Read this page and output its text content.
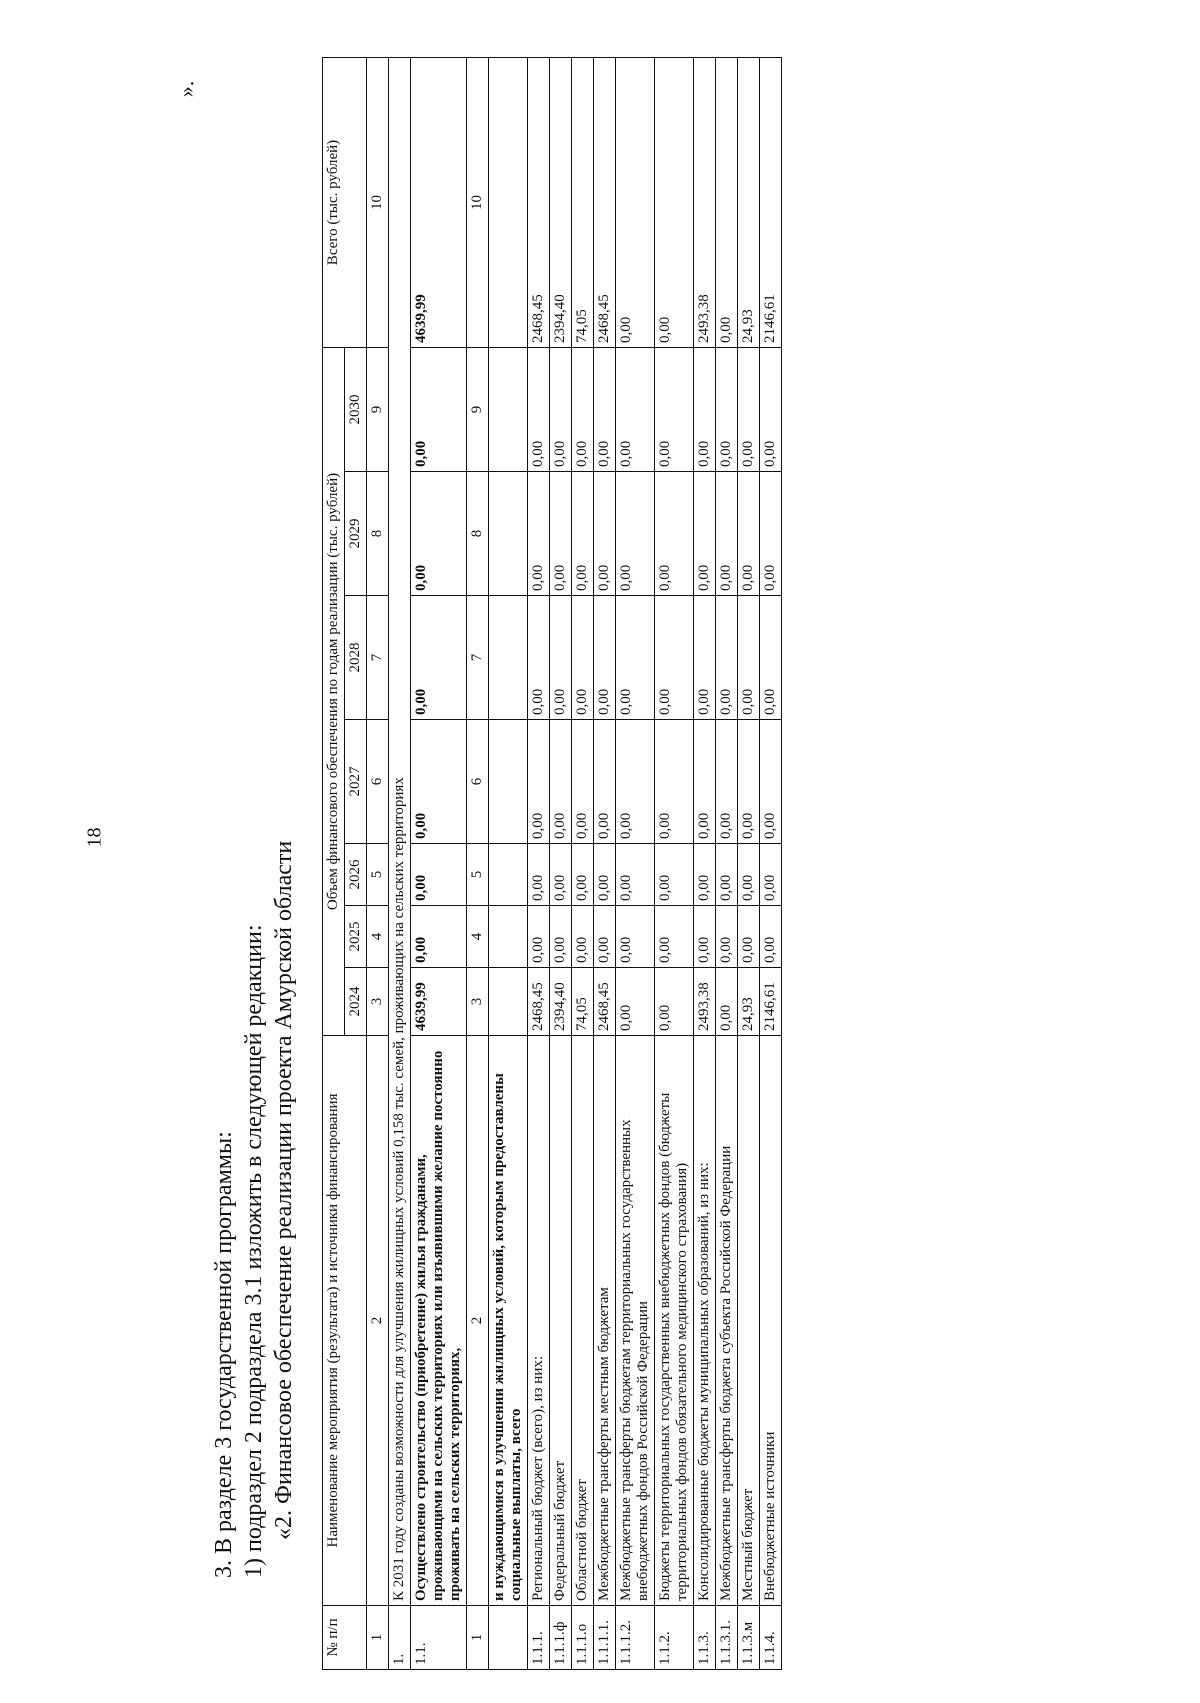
18
».
3. В разделе 3 государственной программы: 1) подраздел 2 подраздела 3.1 изложить в следующей редакции: «2. Финансовое обеспечение реализации проекта Амурской области
№ п/п	Наименование мероприятия (результата) и источники финансирования	Объем финансового обеспечения по годам реализации (тыс. рублей)							Всего (тыс. рублей)
		2024	2025	2026	2027	2028	2029	2030	
1	2	3	4	5	6	7	8	9	10
1.	К 2031 году созданы возможности для улучшения жилищных условий 0,158 тыс. семей, проживающих на сельских территориях								
1.1.	Осуществлено строительство (приобретение) жилья гражданами, проживающими на сельских территориях или изъявившими желание постоянно проживать на сельских территориях,	4639,99	0,00	0,00	0,00	0,00	0,00	0,00	4639,99
1	2	3	4	5	6	7	8	9	10
	и нуждающимися в улучшении жилищных условий, которым предоставлены социальные выплаты, всего								
1.1.1.	Региональный бюджет (всего), из них:	2468,45	0,00	0,00	0,00	0,00	0,00	0,00	2468,45
1.1.1.ф	Федеральный бюджет	2394,40	0,00	0,00	0,00	0,00	0,00	0,00	2394,40
1.1.1.о	Областной бюджет	74,05	0,00	0,00	0,00	0,00	0,00	0,00	74,05
1.1.1.1.	Межбюджетные трансферты местным бюджетам	2468,45	0,00	0,00	0,00	0,00	0,00	0,00	2468,45
1.1.1.2.	Межбюджетные трансферты бюджетам территориальных государственных внебюджетных фондов Российской Федерации	0,00	0,00	0,00	0,00	0,00	0,00	0,00	0,00
1.1.2.	Бюджеты территориальных государственных внебюджетных фондов (бюджеты территориальных фондов обязательного медицинского страхования)	0,00	0,00	0,00	0,00	0,00	0,00	0,00	0,00
1.1.3.	Консолидированные бюджеты муниципальных образований, из них:	2493,38	0,00	0,00	0,00	0,00	0,00	0,00	2493,38
1.1.3.1.	Межбюджетные трансферты бюджета субъекта Российской Федерации	0,00	0,00	0,00	0,00	0,00	0,00	0,00	0,00
1.1.3.м	Местный бюджет	24,93	0,00	0,00	0,00	0,00	0,00	0,00	24,93
1.1.4.	Внебюджетные источники	2146,61	0,00	0,00	0,00	0,00	0,00	0,00	2146,61
